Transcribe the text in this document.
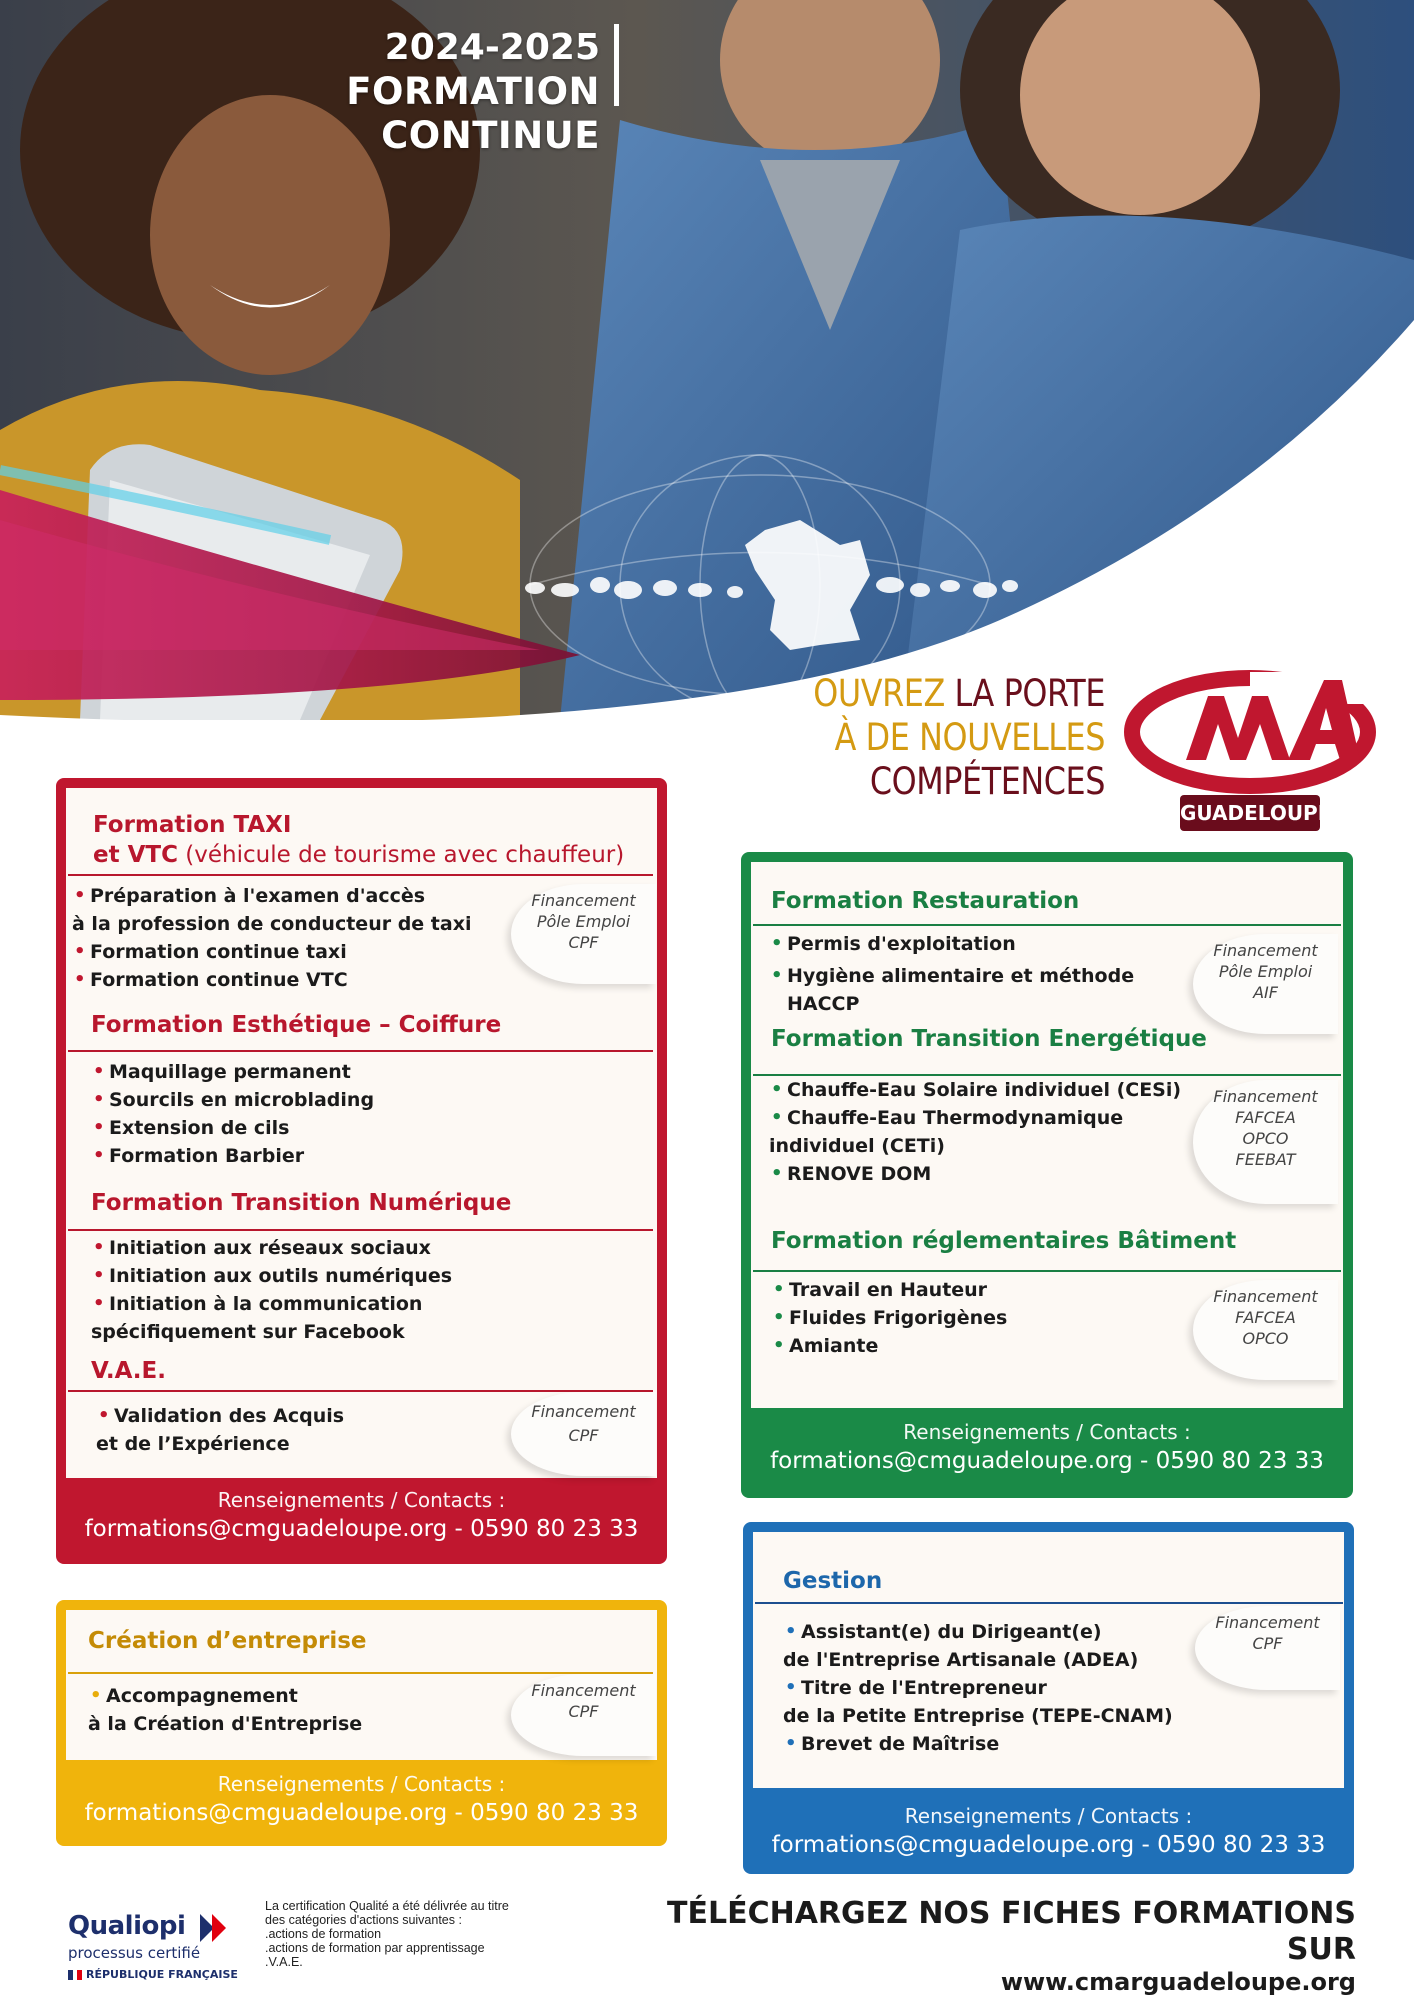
2024-2025
FORMATION CONTINUE
OUVREZ LA PORTE
À DE NOUVELLES
COMPÉTENCES
GUADELOUPE
Formation TAXI
et VTC (véhicule de tourisme avec chauffeur)
• Préparation à l'examen d'accès
à la profession de conducteur de taxi
• Formation continue taxi
• Formation continue VTC
Financement
Pôle Emploi
CPF
Formation Esthétique – Coiffure
• Maquillage permanent
• Sourcils en microblading
• Extension de cils
• Formation Barbier
Formation Transition Numérique
• Initiation aux réseaux sociaux
• Initiation aux outils numériques
• Initiation à la communication
spécifiquement sur Facebook
V.A.E.
• Validation des Acquis
et de l’Expérience
Financement
CPF
Renseignements / Contacts :
formations@cmguadeloupe.org - 0590 80 23 33
Création d’entreprise
• Accompagnement
à la Création d'Entreprise
Financement
CPF
Renseignements / Contacts :
formations@cmguadeloupe.org - 0590 80 23 33
Formation Restauration
• Permis d'exploitation
• Hygiène alimentaire et méthode HACCP
Financement
Pôle Emploi
AIF
Formation Transition Energétique
• Chauffe-Eau Solaire individuel (CESi)
• Chauffe-Eau Thermodynamique
individuel (CETi)
• RENOVE DOM
Financement
FAFCEA
OPCO
FEEBAT
Formation réglementaires Bâtiment
• Travail en Hauteur
• Fluides Frigorigènes
• Amiante
Financement
FAFCEA
OPCO
Renseignements / Contacts :
formations@cmguadeloupe.org - 0590 80 23 33
Gestion
• Assistant(e) du Dirigeant(e)
de l'Entreprise Artisanale (ADEA)
• Titre de l'Entrepreneur
de la Petite Entreprise (TEPE-CNAM)
• Brevet de Maîtrise
Financement
CPF
Renseignements / Contacts :
formations@cmguadeloupe.org - 0590 80 23 33
Qualiopi
processus certifié
RÉPUBLIQUE FRANÇAISE
La certification Qualité a été délivrée au titre
des catégories d'actions suivantes :
.actions de formation
.actions de formation par apprentissage
.V.A.E.
TÉLÉCHARGEZ NOS FICHES FORMATIONS SUR
www.cmarguadeloupe.org
